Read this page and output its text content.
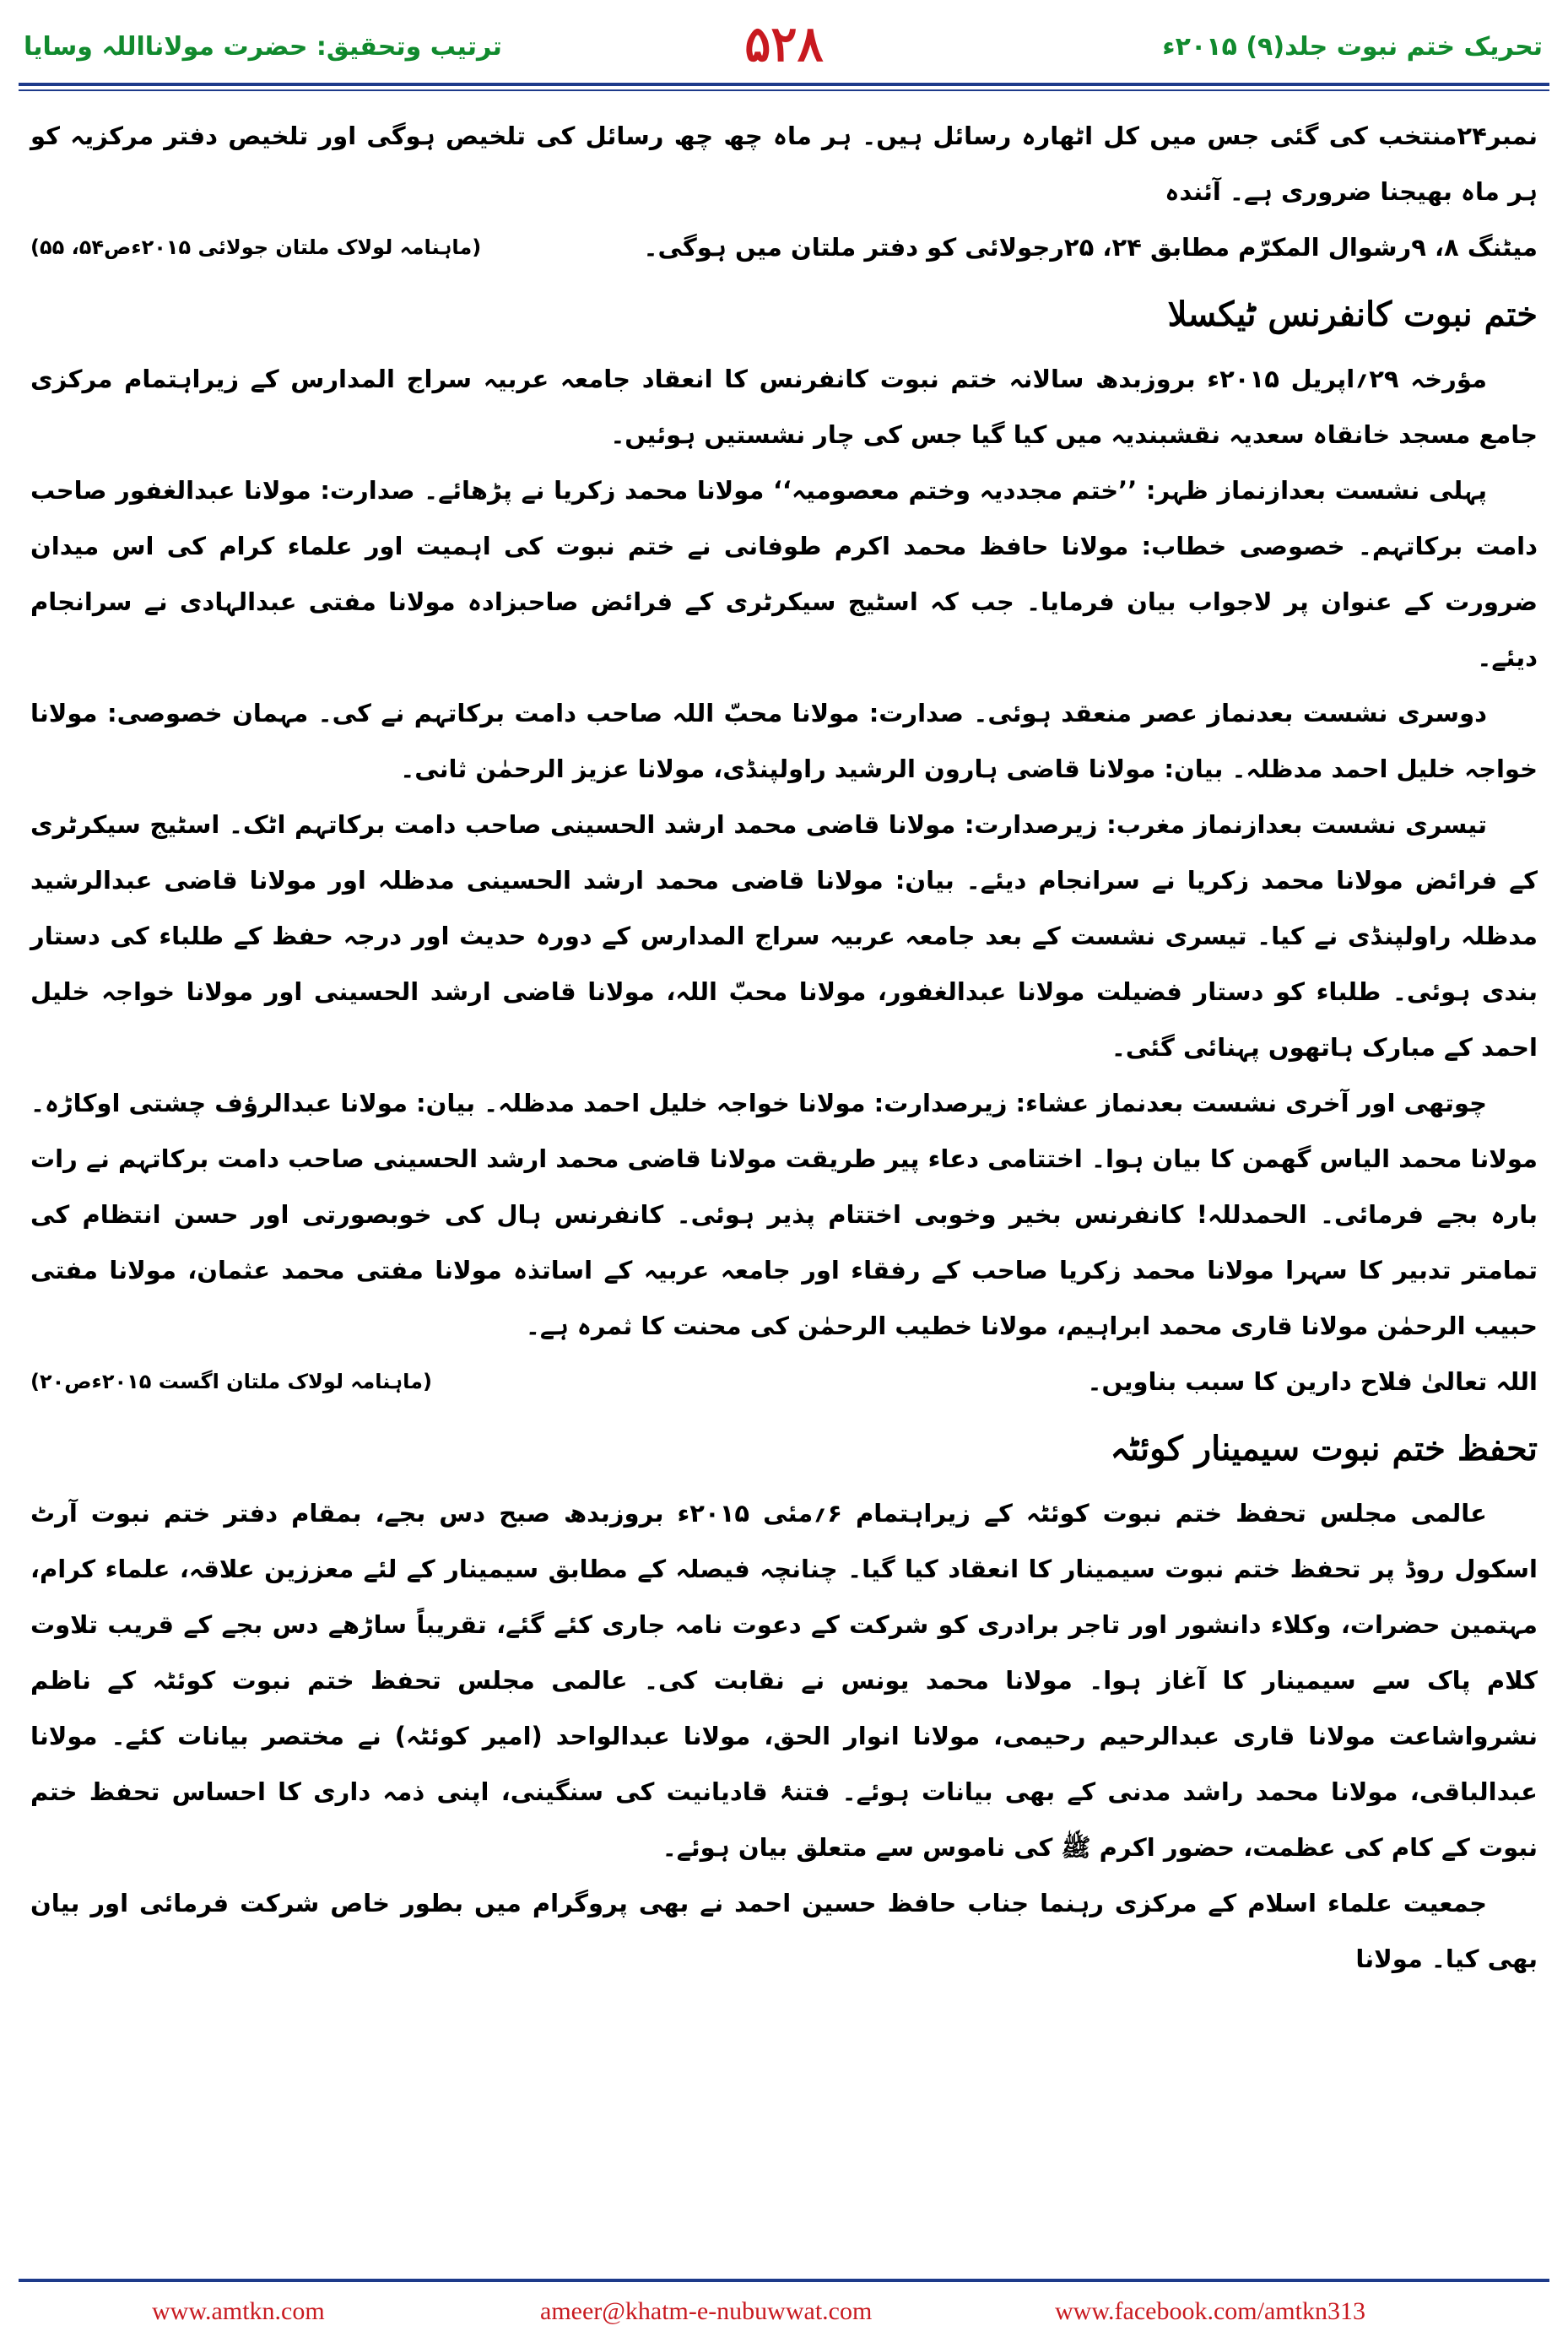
ترتیب وتحقیق: حضرت مولانااللہ وسایا	۵۲۸	تحریک ختم نبوت جلد(۹) ۲۰۱۵ء

نمبر۲۴منتخب کی گئی جس میں کل اٹھارہ رسائل ہیں۔ ہر ماہ چھ چھ رسائل کی تلخیص ہوگی اور تلخیص دفتر مرکزیہ کو ہر ماہ بھیجنا ضروری ہے۔ آئندہ

میٹنگ ۸، ۹رشوال المکرّم مطابق ۲۴، ۲۵رجولائی کو دفتر ملتان میں ہوگی۔
(ماہنامہ لولاک ملتان جولائی ۲۰۱۵ءص۵۴، ۵۵)

ختم نبوت کانفرنس ٹیکسلا

مؤرخہ ۲۹؍اپریل ۲۰۱۵ء بروزبدھ سالانہ ختم نبوت کانفرنس کا انعقاد جامعہ عربیہ سراج المدارس کے زیراہتمام مرکزی جامع مسجد خانقاہ سعدیہ نقشبندیہ میں کیا گیا جس کی چار نشستیں ہوئیں۔

پہلی نشست بعدازنماز ظہر: ’’ختم مجددیہ وختم معصومیہ‘‘ مولانا محمد زکریا نے پڑھائے۔ صدارت: مولانا عبدالغفور صاحب دامت برکاتہم۔ خصوصی خطاب: مولانا حافظ محمد اکرم طوفانی نے ختم نبوت کی اہمیت اور علماء کرام کی اس میدان ضرورت کے عنوان پر لاجواب بیان فرمایا۔ جب کہ اسٹیج سیکرٹری کے فرائض صاحبزادہ مولانا مفتی عبدالہادی نے سرانجام دیئے۔

دوسری نشست بعدنماز عصر منعقد ہوئی۔ صدارت: مولانا محبّ اللہ صاحب دامت برکاتہم نے کی۔ مہمان خصوصی: مولانا خواجہ خلیل احمد مدظلہ۔ بیان: مولانا قاضی ہارون الرشید راولپنڈی، مولانا عزیز الرحمٰن ثانی۔

تیسری نشست بعدازنماز مغرب: زیرصدارت: مولانا قاضی محمد ارشد الحسینی صاحب دامت برکاتہم اٹک۔ اسٹیج سیکرٹری کے فرائض مولانا محمد زکریا نے سرانجام دیئے۔ بیان: مولانا قاضی محمد ارشد الحسینی مدظلہ اور مولانا قاضی عبدالرشید مدظلہ راولپنڈی نے کیا۔ تیسری نشست کے بعد جامعہ عربیہ سراج المدارس کے دورہ حدیث اور درجہ حفظ کے طلباء کی دستار بندی ہوئی۔ طلباء کو دستار فضیلت مولانا عبدالغفور، مولانا محبّ اللہ، مولانا قاضی ارشد الحسینی اور مولانا خواجہ خلیل احمد کے مبارک ہاتھوں پہنائی گئی۔

چوتھی اور آخری نشست بعدنماز عشاء: زیرصدارت: مولانا خواجہ خلیل احمد مدظلہ۔ بیان: مولانا عبدالرؤف چشتی اوکاڑہ۔ مولانا محمد الیاس گھمن کا بیان ہوا۔ اختتامی دعاء پیر طریقت مولانا قاضی محمد ارشد الحسینی صاحب دامت برکاتہم نے رات بارہ بجے فرمائی۔ الحمدللہ! کانفرنس بخیر وخوبی اختتام پذیر ہوئی۔ کانفرنس ہال کی خوبصورتی اور حسن انتظام کی تمامتر تدبیر کا سہرا مولانا محمد زکریا صاحب کے رفقاء اور جامعہ عربیہ کے اساتذہ مولانا مفتی محمد عثمان، مولانا مفتی حبیب الرحمٰن مولانا قاری محمد ابراہیم، مولانا خطیب الرحمٰن کی محنت کا ثمرہ ہے۔

اللہ تعالیٰ فلاح دارین کا سبب بناویں۔
(ماہنامہ لولاک ملتان اگست ۲۰۱۵ءص۲۰)

تحفظ ختم نبوت سیمینار کوئٹہ

عالمی مجلس تحفظ ختم نبوت کوئٹہ کے زیراہتمام ۶؍مئی ۲۰۱۵ء بروزبدھ صبح دس بجے، بمقام دفتر ختم نبوت آرٹ اسکول روڈ پر تحفظ ختم نبوت سیمینار کا انعقاد کیا گیا۔ چنانچہ فیصلہ کے مطابق سیمینار کے لئے معززین علاقہ، علماء کرام، مہتمین حضرات، وکلاء دانشور اور تاجر برادری کو شرکت کے دعوت نامہ جاری کئے گئے، تقریباً ساڑھے دس بجے کے قریب تلاوت کلام پاک سے سیمینار کا آغاز ہوا۔ مولانا محمد یونس نے نقابت کی۔ عالمی مجلس تحفظ ختم نبوت کوئٹہ کے ناظم نشرواشاعت مولانا قاری عبدالرحیم رحیمی، مولانا انوار الحق، مولانا عبدالواحد (امیر کوئٹہ) نے مختصر بیانات کئے۔ مولانا عبدالباقی، مولانا محمد راشد مدنی کے بھی بیانات ہوئے۔ فتنۂ قادیانیت کی سنگینی، اپنی ذمہ داری کا احساس تحفظ ختم نبوت کے کام کی عظمت، حضور اکرم ﷺ کی ناموس سے متعلق بیان ہوئے۔

جمعیت علماء اسلام کے مرکزی رہنما جناب حافظ حسین احمد نے بھی پروگرام میں بطور خاص شرکت فرمائی اور بیان بھی کیا۔ مولانا

www.amtkn.com	ameer@khatm-e-nubuwwat.com	www.facebook.com/amtkn313
